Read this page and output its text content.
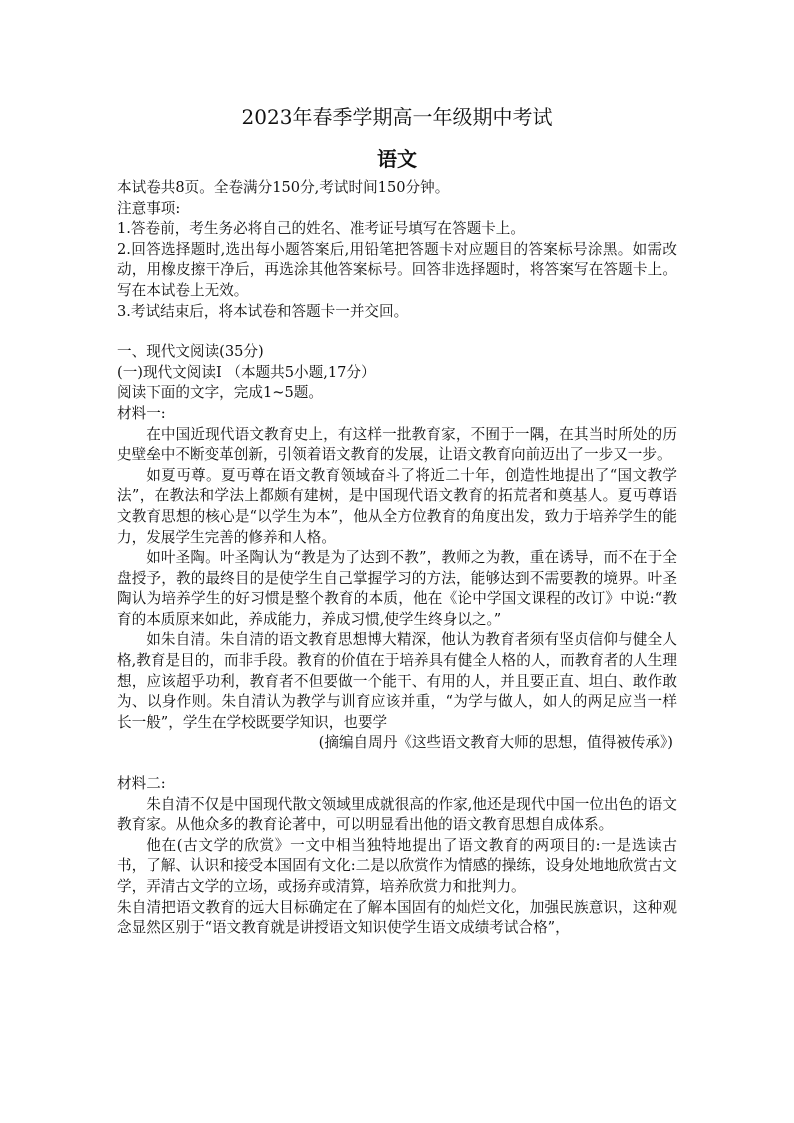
2023年春季学期高一年级期中考试
语文

本试卷共8页。全卷满分150分,考试时间150分钟。

注意事项:

1.答卷前，考生务必将自己的姓名、准考证号填写在答题卡上。

2.回答选择题时,选出每小题答案后,用铅笔把答题卡对应题目的答案标号涂黑。如需改动，用橡皮擦干净后，再选涂其他答案标号。回答非选择题时，将答案写在答题卡上。写在本试卷上无效。

3.考试结束后，将本试卷和答题卡一并交回。

一、现代文阅读(35分)

(一)现代文阅读Ⅰ （本题共5小题,17分）

阅读下面的文字，完成1~5题。

材料一:

在中国近现代语文教育史上，有这样一批教育家，不囿于一隅，在其当时所处的历史壁垒中不断变革创新，引领着语文教育的发展，让语文教育向前迈出了一步又一步。

如夏丏尊。夏丏尊在语文教育领域奋斗了将近二十年，创造性地提出了“国文教学法”，在教法和学法上都颇有建树，是中国现代语文教育的拓荒者和奠基人。夏丏尊语文教育思想的核心是“以学生为本”，他从全方位教育的角度出发，致力于培养学生的能力，发展学生完善的修养和人格。

如叶圣陶。叶圣陶认为“教是为了达到不教”，教师之为教，重在诱导，而不在于全盘授予，教的最终目的是使学生自己掌握学习的方法，能够达到不需要教的境界。叶圣陶认为培养学生的好习惯是整个教育的本质，他在《论中学国文课程的改订》中说:“教育的本质原来如此，养成能力，养成习惯,使学生终身以之。”

如朱自清。朱自清的语文教育思想博大精深，他认为教育者须有坚贞信仰与健全人格,教育是目的，而非手段。教育的价值在于培养具有健全人格的人，而教育者的人生理想，应该超乎功利，教育者不但要做一个能干、有用的人，并且要正直、坦白、敢作敢为、以身作则。朱自清认为教学与训育应该并重，“为学与做人，如人的两足应当一样长一般”，学生在学校既要学知识，也要学

(摘编自周丹《这些语文教育大师的思想，值得被传承》)

材料二:

朱自清不仅是中国现代散文领域里成就很高的作家,他还是现代中国一位出色的语文教育家。从他众多的教育论著中，可以明显看出他的语文教育思想自成体系。

他在(古文学的欣赏》一文中相当独特地提出了语文教育的两项目的:一是选读古书，了解、认识和接受本国固有文化:二是以欣赏作为情感的操练，设身处地地欣赏古文学，弄清古文学的立场，或扬弃或清算，培养欣赏力和批判力。

朱自清把语文教育的远大目标确定在了解本国固有的灿烂文化，加强民族意识，这种观念显然区别于“语文教育就是讲授语文知识使学生语文成绩考试合格”，
